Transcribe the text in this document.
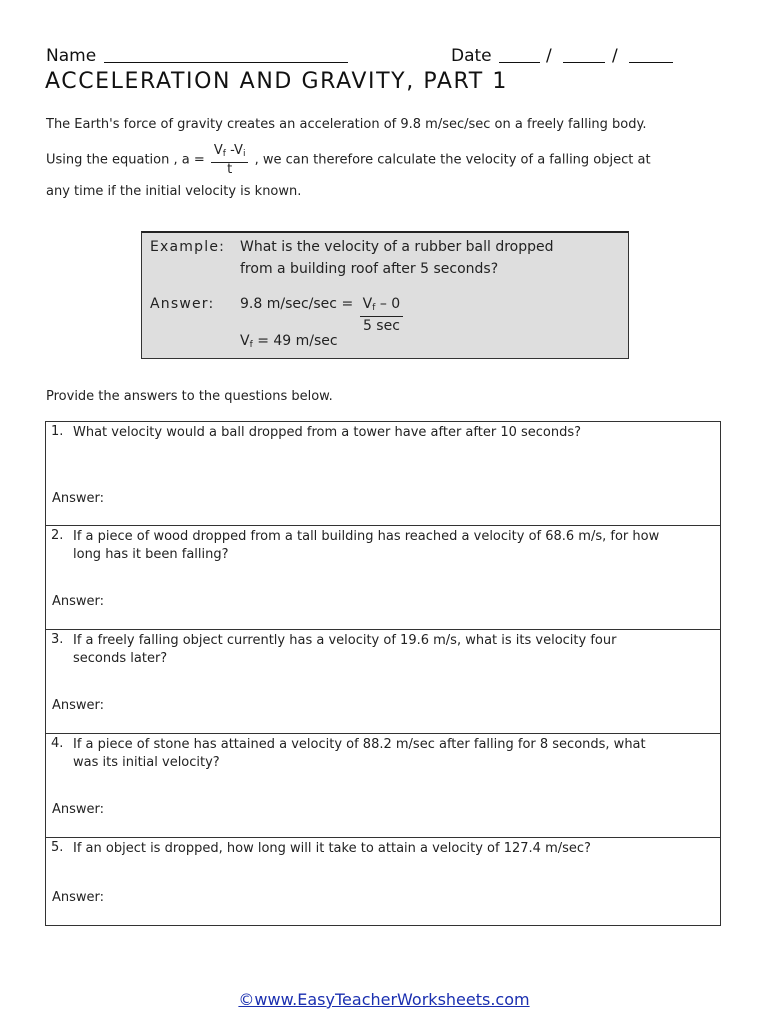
Name	Date	/	/
ACCELERATION AND GRAVITY, PART 1
The Earth's force of gravity creates an acceleration of 9.8 m/sec/sec on a freely falling body.
Using the equation , $a = \frac{V_f -V_i}{t}$ , we can therefore calculate the velocity of a falling object at
any time if the initial velocity is known.
Example: What is the velocity of a rubber ball dropped
from a building roof after 5 seconds?
Answer: 9.8 $m/\sec/\sec = \frac{V_f - 0}{5 \sec}$
$V_f = 49$ m/sec
Provide the answers to the questions below.
1. What velocity would a ball dropped from a tower have after after 10 seconds?
Answer:
2. If a piece of wood dropped from a tall building has reached a velocity of 68.6 m/s, for how
long has it been falling?
Answer:
3. If a freely falling object currently has a velocity of 19.6 m/s, what is its velocity four
seconds later?
Answer:
4. If a piece of stone has attained a velocity of 88.2 m/sec after falling for 8 seconds, what
was its initial velocity?
Answer:
5. If an object is dropped, how long will it take to attain a velocity of 127.4 m/sec?
Answer:
©www.EasyTeacherWorksheets.com
